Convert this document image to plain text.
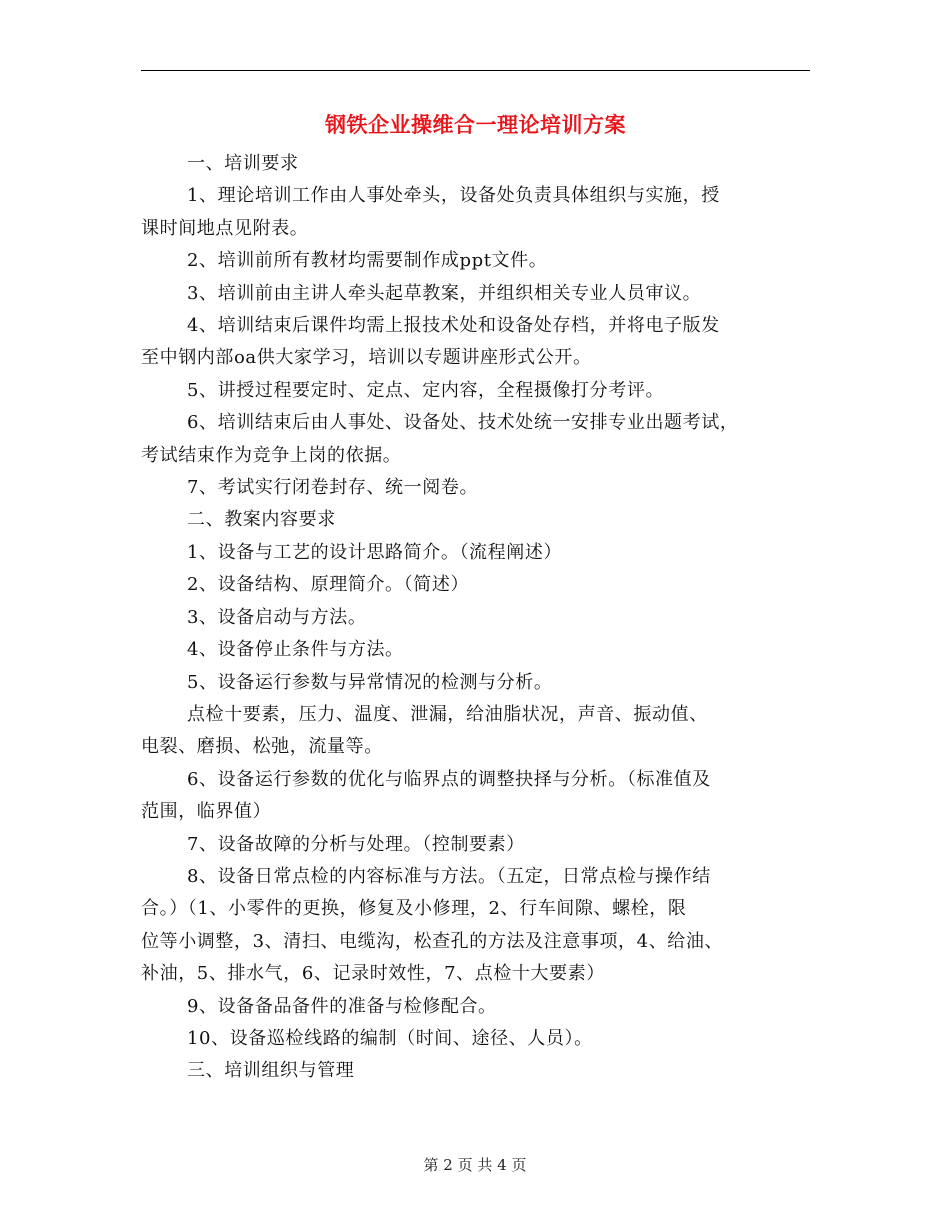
钢铁企业操维合一理论培训方案
一、培训要求
1、理论培训工作由人事处牵头，设备处负责具体组织与实施，授
课时间地点见附表。
2、培训前所有教材均需要制作成ppt文件。
3、培训前由主讲人牵头起草教案，并组织相关专业人员审议。
4、培训结束后课件均需上报技术处和设备处存档，并将电子版发
至中钢内部oa供大家学习，培训以专题讲座形式公开。
5、讲授过程要定时、定点、定内容，全程摄像打分考评。
6、培训结束后由人事处、设备处、技术处统一安排专业出题考试，
考试结束作为竞争上岗的依据。
7、考试实行闭卷封存、统一阅卷。
二、教案内容要求
1、设备与工艺的设计思路简介。（流程阐述）
2、设备结构、原理简介。（简述）
3、设备启动与方法。
4、设备停止条件与方法。
5、设备运行参数与异常情况的检测与分析。
点检十要素，压力、温度、泄漏，给油脂状况，声音、振动值、
电裂、磨损、松弛，流量等。
6、设备运行参数的优化与临界点的调整抉择与分析。（标准值及
范围，临界值）
7、设备故障的分析与处理。（控制要素）
8、设备日常点检的内容标准与方法。（五定，日常点检与操作结
合。）（1、小零件的更换，修复及小修理，2、行车间隙、螺栓，限
位等小调整，3、清扫、电缆沟，松查孔的方法及注意事项，4、给油、
补油，5、排水气，6、记录时效性，7、点检十大要素）
9、设备备品备件的准备与检修配合。
10、设备巡检线路的编制（时间、途径、人员）。
三、培训组织与管理
第 2 页 共 4 页
